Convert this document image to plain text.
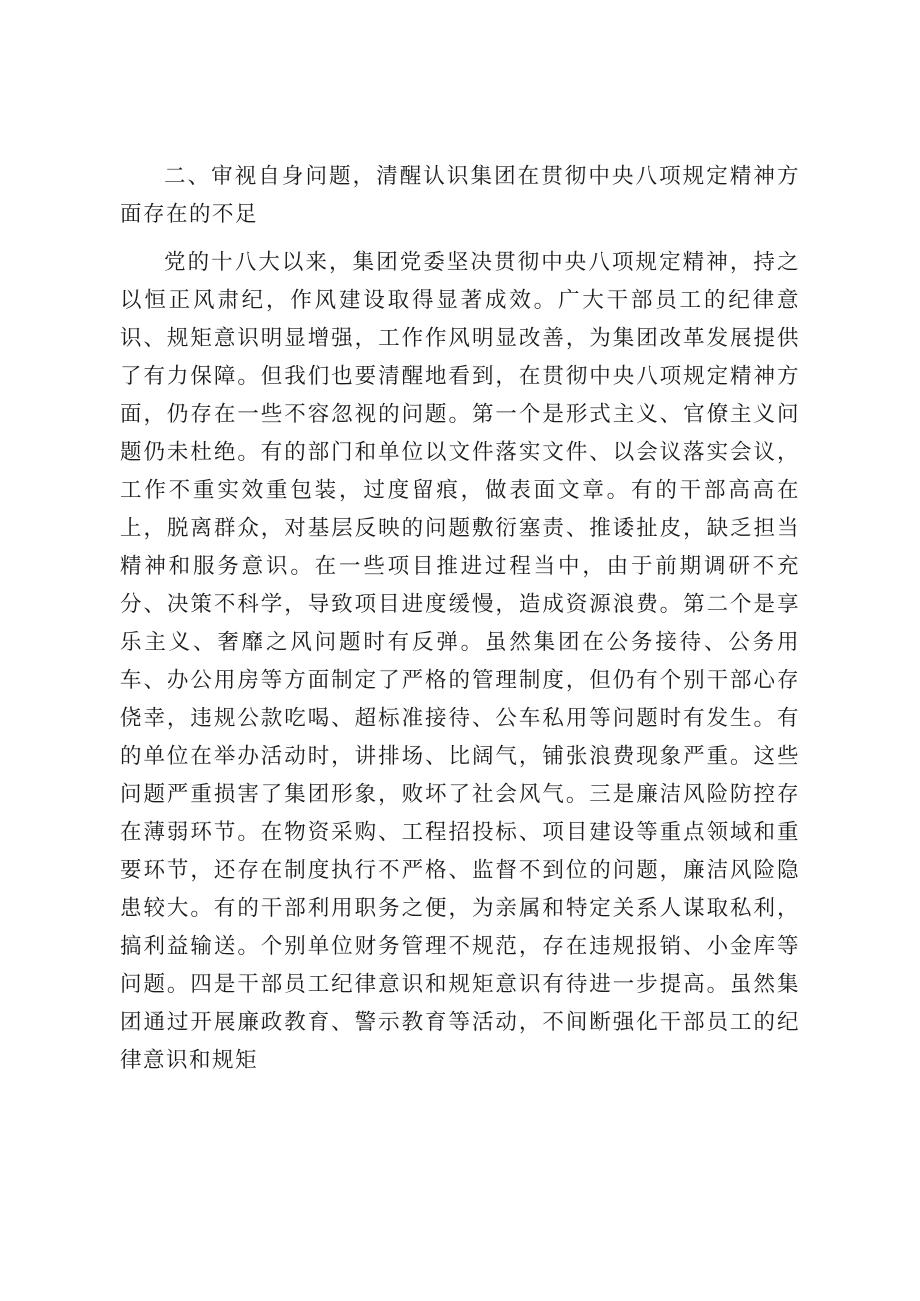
二、审视自身问题，清醒认识集团在贯彻中央八项规定精神方面存在的不足

党的十八大以来，集团党委坚决贯彻中央八项规定精神，持之以恒正风肃纪，作风建设取得显著成效。广大干部员工的纪律意识、规矩意识明显增强，工作作风明显改善，为集团改革发展提供了有力保障。但我们也要清醒地看到，在贯彻中央八项规定精神方面，仍存在一些不容忽视的问题。第一个是形式主义、官僚主义问题仍未杜绝。有的部门和单位以文件落实文件、以会议落实会议，工作不重实效重包装，过度留痕，做表面文章。有的干部高高在上，脱离群众，对基层反映的问题敷衍塞责、推诿扯皮，缺乏担当精神和服务意识。在一些项目推进过程当中，由于前期调研不充分、决策不科学，导致项目进度缓慢，造成资源浪费。第二个是享乐主义、奢靡之风问题时有反弹。虽然集团在公务接待、公务用车、办公用房等方面制定了严格的管理制度，但仍有个别干部心存侥幸，违规公款吃喝、超标准接待、公车私用等问题时有发生。有的单位在举办活动时，讲排场、比阔气，铺张浪费现象严重。这些问题严重损害了集团形象，败坏了社会风气。三是廉洁风险防控存在薄弱环节。在物资采购、工程招投标、项目建设等重点领域和重要环节，还存在制度执行不严格、监督不到位的问题，廉洁风险隐患较大。有的干部利用职务之便，为亲属和特定关系人谋取私利，搞利益输送。个别单位财务管理不规范，存在违规报销、小金库等问题。四是干部员工纪律意识和规矩意识有待进一步提高。虽然集团通过开展廉政教育、警示教育等活动，不间断强化干部员工的纪律意识和规矩
